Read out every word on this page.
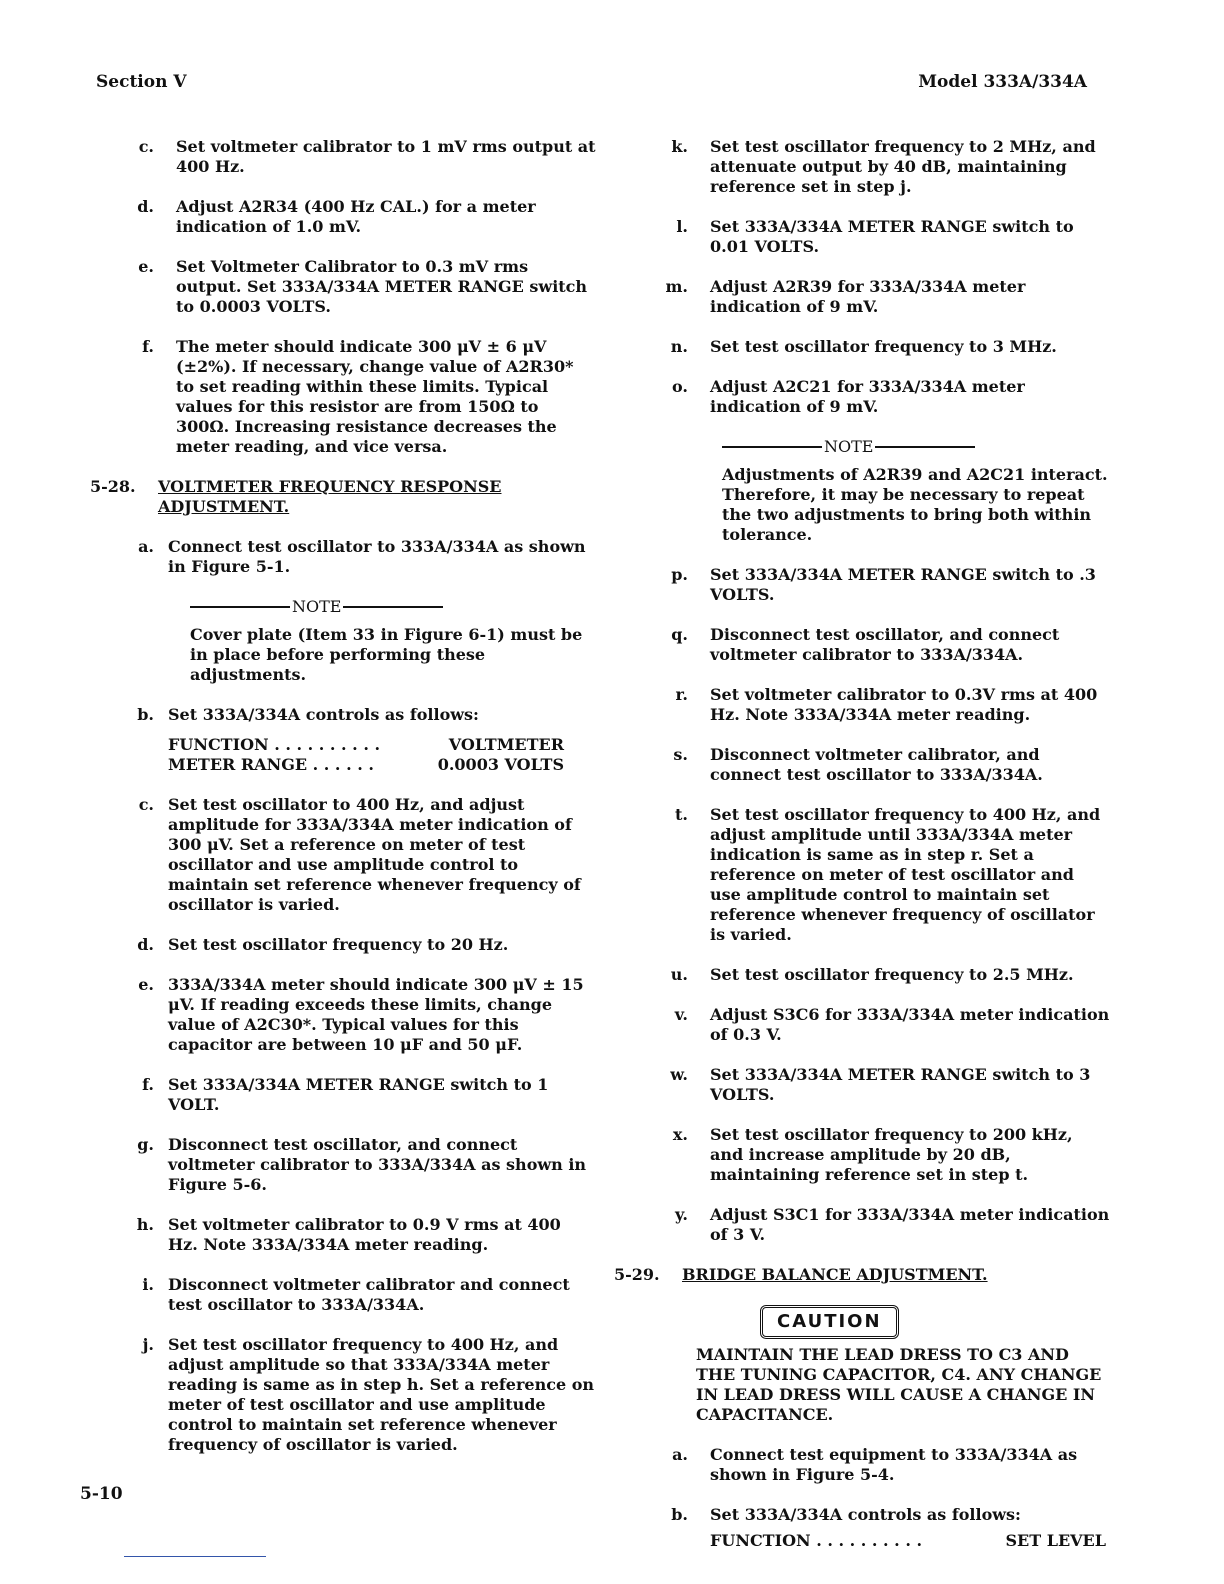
Section V	Model 333A/334A
c. Set voltmeter calibrator to 1 mV rms output at 400 Hz.
d. Adjust A2R34 (400 Hz CAL.) for a meter indication of 1.0 mV.
e. Set Voltmeter Calibrator to 0.3 mV rms output. Set 333A/334A METER RANGE switch to 0.0003 VOLTS.
f. The meter should indicate 300 μV ± 6 μV (±2%). If necessary, change value of A2R30* to set reading within these limits. Typical values for this resistor are from 150Ω to 300Ω. Increasing resistance decreases the meter reading, and vice versa.
5-28. VOLTMETER FREQUENCY RESPONSE ADJUSTMENT.
a. Connect test oscillator to 333A/334A as shown in Figure 5-1.
NOTE
Cover plate (Item 33 in Figure 6-1) must be in place before performing these adjustments.
b. Set 333A/334A controls as follows:
FUNCTION . . . . . . . . . .	VOLTMETER
METER RANGE . . . . . .	0.0003 VOLTS
c. Set test oscillator to 400 Hz, and adjust amplitude for 333A/334A meter indication of 300 μV. Set a reference on meter of test oscillator and use amplitude control to maintain set reference whenever frequency of oscillator is varied.
d. Set test oscillator frequency to 20 Hz.
e. 333A/334A meter should indicate 300 μV ± 15 μV. If reading exceeds these limits, change value of A2C30*. Typical values for this capacitor are between 10 μF and 50 μF.
f. Set 333A/334A METER RANGE switch to 1 VOLT.
g. Disconnect test oscillator, and connect voltmeter calibrator to 333A/334A as shown in Figure 5-6.
h. Set voltmeter calibrator to 0.9 V rms at 400 Hz. Note 333A/334A meter reading.
i. Disconnect voltmeter calibrator and connect test oscillator to 333A/334A.
j. Set test oscillator frequency to 400 Hz, and adjust amplitude so that 333A/334A meter reading is same as in step h. Set a reference on meter of test oscillator and use amplitude control to maintain set reference whenever frequency of oscillator is varied.
k. Set test oscillator frequency to 2 MHz, and attenuate output by 40 dB, maintaining reference set in step j.
l. Set 333A/334A METER RANGE switch to 0.01 VOLTS.
m. Adjust A2R39 for 333A/334A meter indication of 9 mV.
n. Set test oscillator frequency to 3 MHz.
o. Adjust A2C21 for 333A/334A meter indication of 9 mV.
NOTE
Adjustments of A2R39 and A2C21 interact. Therefore, it may be necessary to repeat the two adjustments to bring both within tolerance.
p. Set 333A/334A METER RANGE switch to .3 VOLTS.
q. Disconnect test oscillator, and connect voltmeter calibrator to 333A/334A.
r. Set voltmeter calibrator to 0.3V rms at 400 Hz. Note 333A/334A meter reading.
s. Disconnect voltmeter calibrator, and connect test oscillator to 333A/334A.
t. Set test oscillator frequency to 400 Hz, and adjust amplitude until 333A/334A meter indication is same as in step r. Set a reference on meter of test oscillator and use amplitude control to maintain set reference whenever frequency of oscillator is varied.
u. Set test oscillator frequency to 2.5 MHz.
v. Adjust S3C6 for 333A/334A meter indication of 0.3 V.
w. Set 333A/334A METER RANGE switch to 3 VOLTS.
x. Set test oscillator frequency to 200 kHz, and increase amplitude by 20 dB, maintaining reference set in step t.
y. Adjust S3C1 for 333A/334A meter indication of 3 V.
5-29. BRIDGE BALANCE ADJUSTMENT.
CAUTION
MAINTAIN THE LEAD DRESS TO C3 AND THE TUNING CAPACITOR, C4. ANY CHANGE IN LEAD DRESS WILL CAUSE A CHANGE IN CAPACITANCE.
a. Connect test equipment to 333A/334A as shown in Figure 5-4.
b. Set 333A/334A controls as follows:
FUNCTION . . . . . . . . . .	SET LEVEL
5-10
